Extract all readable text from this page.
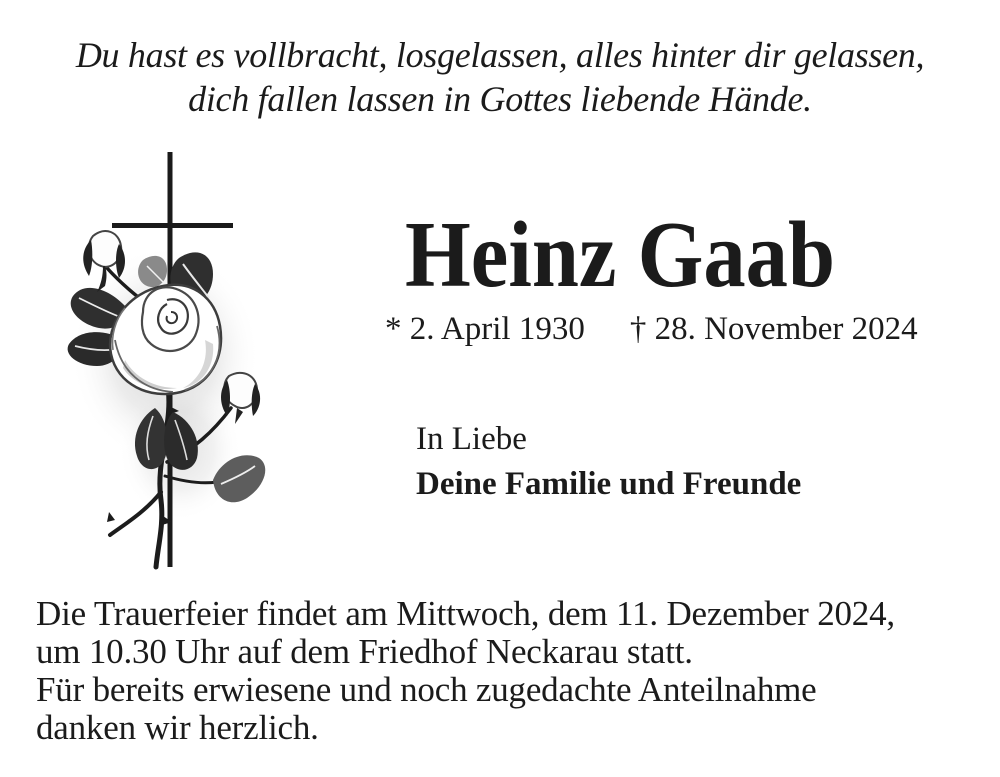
Du hast es vollbracht, losgelassen, alles hinter dir gelassen,
dich fallen lassen in Gottes liebende Hände.
Heinz Gaab
* 2. April 1930 † 28. November 2024
In Liebe
Deine Familie und Freunde
Die Trauerfeier findet am Mittwoch, dem 11. Dezember 2024,
um 10.30 Uhr auf dem Friedhof Neckarau statt.
Für bereits erwiesene und noch zugedachte Anteilnahme
danken wir herzlich.
